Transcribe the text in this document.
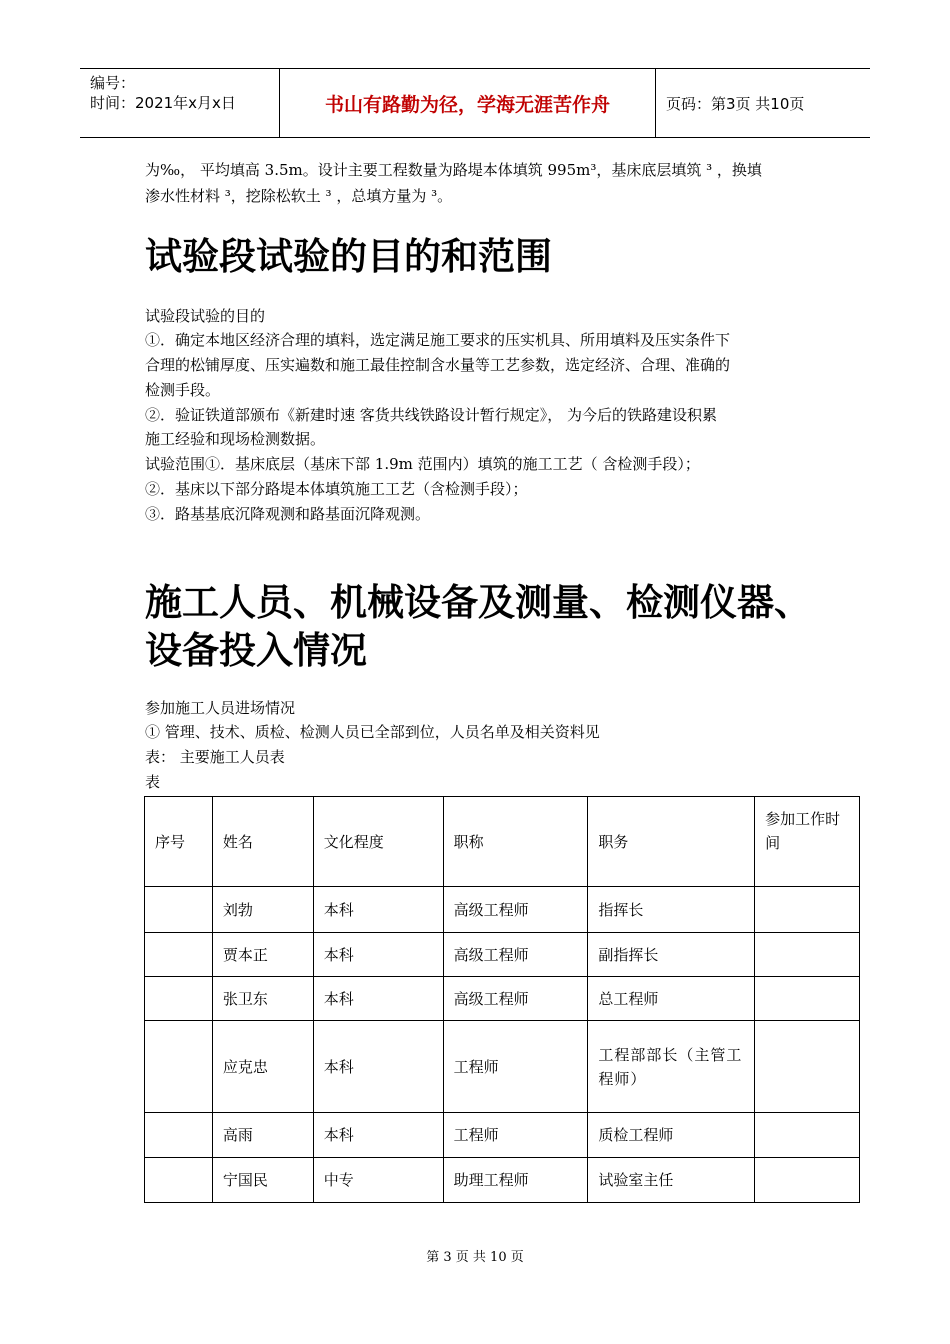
编号：
时间：2021年x月x日	书山有路勤为径，学海无涯苦作舟	页码：第3页 共10页
为‰， 平均填高 3.5m。设计主要工程数量为路堤本体填筑 995m³，基床底层填筑 ³ ，换填
渗水性材料 ³，挖除松软土 ³ ，总填方量为 ³。
试验段试验的目的和范围
试验段试验的目的
①．确定本地区经济合理的填料，选定满足施工要求的压实机具、所用填料及压实条件下
合理的松铺厚度、压实遍数和施工最佳控制含水量等工艺参数，选定经济、合理、准确的
检测手段。
②．验证铁道部颁布《新建时速 客货共线铁路设计暂行规定》， 为今后的铁路建设积累
施工经验和现场检测数据。
试验范围①．基床底层（基床下部 1.9m 范围内）填筑的施工工艺（ 含检测手段）；
②．基床以下部分路堤本体填筑施工工艺（含检测手段）；
③．路基基底沉降观测和路基面沉降观测。
施工人员、机械设备及测量、检测仪器、
设备投入情况
参加施工人员进场情况
① 管理、技术、质检、检测人员已全部到位，人员名单及相关资料见
表： 主要施工人员表
表
序号	姓名	文化程度	职称	职务	参加工作时间
	刘勃	本科	高级工程师	指挥长	
	贾本正	本科	高级工程师	副指挥长	
	张卫东	本科	高级工程师	总工程师	
	应克忠	本科	工程师	工程部部长（主管工程师）	
	高雨	本科	工程师	质检工程师	
	宁国民	中专	助理工程师	试验室主任	
第 3 页 共 10 页
